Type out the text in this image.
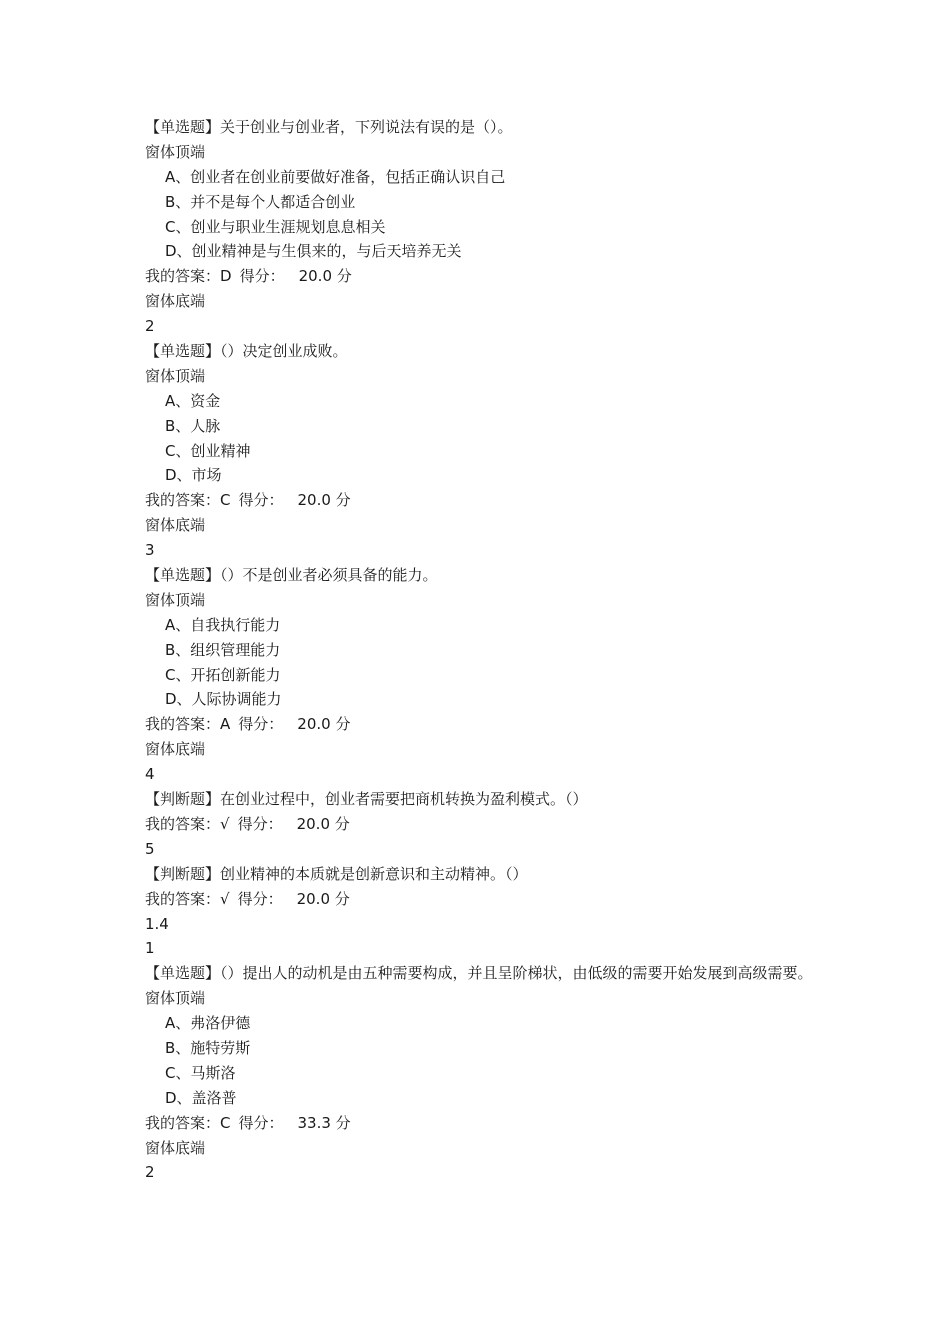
【单选题】关于创业与创业者，下列说法有误的是（）。
窗体顶端
A、创业者在创业前要做好准备，包括正确认识自己
B、并不是每个人都适合创业
C、创业与职业生涯规划息息相关
D、创业精神是与生俱来的，与后天培养无关
我的答案：D 得分： 20.0 分
窗体底端
2
【单选题】（）决定创业成败。
窗体顶端
A、资金
B、人脉
C、创业精神
D、市场
我的答案：C 得分： 20.0 分
窗体底端
3
【单选题】（）不是创业者必须具备的能力。
窗体顶端
A、自我执行能力
B、组织管理能力
C、开拓创新能力
D、人际协调能力
我的答案：A 得分： 20.0 分
窗体底端
4
【判断题】在创业过程中，创业者需要把商机转换为盈利模式。（）
我的答案：√ 得分： 20.0 分
5
【判断题】创业精神的本质就是创新意识和主动精神。（）
我的答案：√ 得分： 20.0 分
1.4
1
【单选题】（）提出人的动机是由五种需要构成，并且呈阶梯状，由低级的需要开始发展到高级需要。
窗体顶端
A、弗洛伊德
B、施特劳斯
C、马斯洛
D、盖洛普
我的答案：C 得分： 33.3 分
窗体底端
2
